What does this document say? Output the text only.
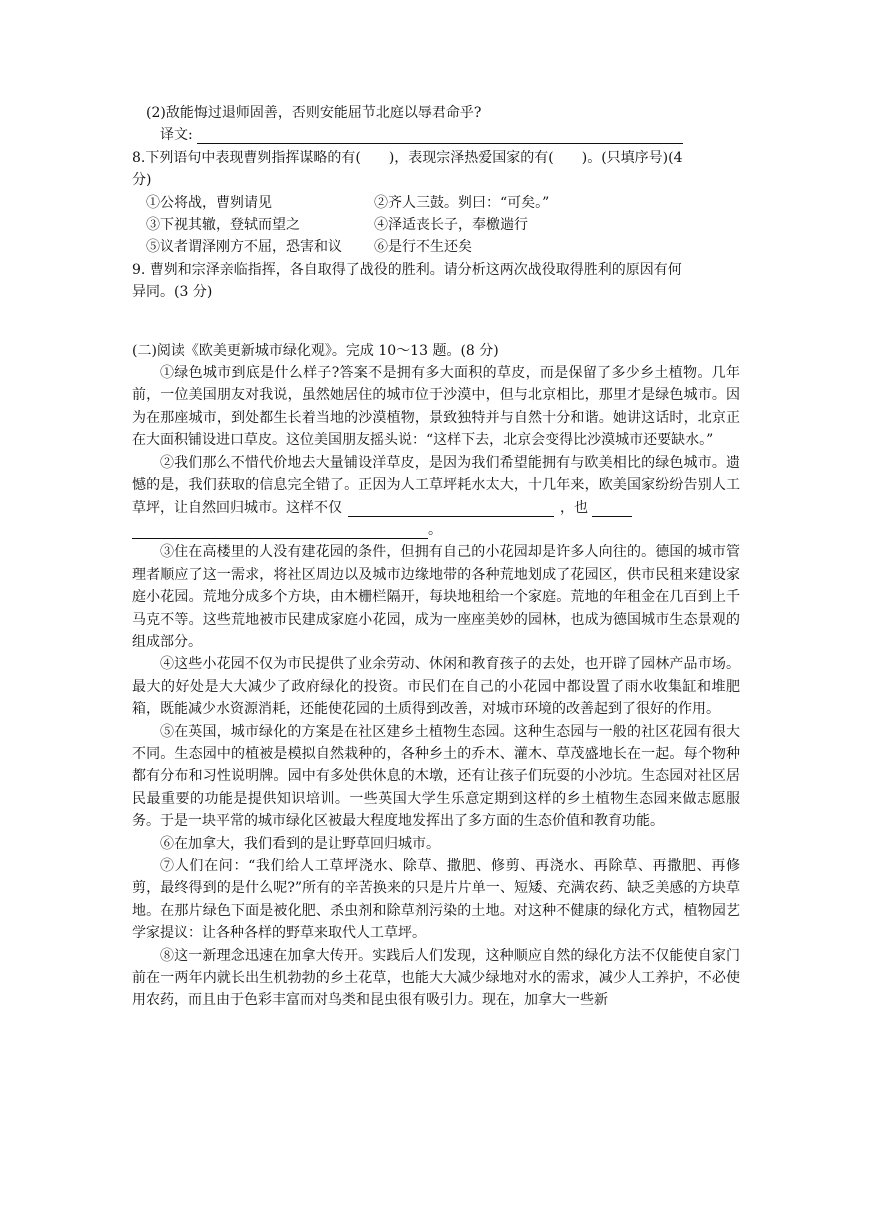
(2)敌能悔过退师固善，否则安能屈节北庭以辱君命乎?

译文:

8.下列语句中表现曹刿指挥谋略的有(　　)，表现宗泽热爱国家的有(　　)。(只填序号)(4

分)

①公将战，曹刿请见	②齐人三鼓。刿曰：“可矣。”
③下视其辙，登轼而望之	④泽适丧长子，奉檄遄行
⑤议者谓泽刚方不屈，恐害和议	⑥是行不生还矣

9. 曹刿和宗泽亲临指挥，各自取得了战役的胜利。请分析这两次战役取得胜利的原因有何

异同。(3 分)

(二)阅读《欧美更新城市绿化观》。完成 10～13 题。(8 分)

①绿色城市到底是什么样子?答案不是拥有多大面积的草皮，而是保留了多少乡土植物。几年前，一位美国朋友对我说，虽然她居住的城市位于沙漠中，但与北京相比，那里才是绿色城市。因为在那座城市，到处都生长着当地的沙漠植物，景致独特并与自然十分和谐。她讲这话时，北京正在大面积铺设进口草皮。这位美国朋友摇头说：“这样下去，北京会变得比沙漠城市还要缺水。”

②我们那么不惜代价地去大量铺设洋草皮，是因为我们希望能拥有与欧美相比的绿色城市。遗憾的是，我们获取的信息完全错了。正因为人工草坪耗水太大，十几年来，欧美国家纷纷告别人工草坪，让自然回归城市。这样不仅	，也

。

③住在高楼里的人没有建花园的条件，但拥有自己的小花园却是许多人向往的。德国的城市管理者顺应了这一需求，将社区周边以及城市边缘地带的各种荒地划成了花园区，供市民租来建设家庭小花园。荒地分成多个方块，由木栅栏隔开，每块地租给一个家庭。荒地的年租金在几百到上千马克不等。这些荒地被市民建成家庭小花园，成为一座座美妙的园林，也成为德国城市生态景观的组成部分。

④这些小花园不仅为市民提供了业余劳动、休闲和教育孩子的去处，也开辟了园林产品市场。最大的好处是大大减少了政府绿化的投资。市民们在自己的小花园中都设置了雨水收集缸和堆肥箱，既能减少水资源消耗，还能使花园的土质得到改善，对城市环境的改善起到了很好的作用。

⑤在英国，城市绿化的方案是在社区建乡土植物生态园。这种生态园与一般的社区花园有很大不同。生态园中的植被是模拟自然栽种的，各种乡土的乔木、灌木、草茂盛地长在一起。每个物种都有分布和习性说明牌。园中有多处供休息的木墩，还有让孩子们玩耍的小沙坑。生态园对社区居民最重要的功能是提供知识培训。一些英国大学生乐意定期到这样的乡土植物生态园来做志愿服务。于是一块平常的城市绿化区被最大程度地发挥出了多方面的生态价值和教育功能。

⑥在加拿大，我们看到的是让野草回归城市。

⑦人们在问：“我们给人工草坪浇水、除草、撒肥、修剪、再浇水、再除草、再撒肥、再修剪，最终得到的是什么呢?”所有的辛苦换来的只是片片单一、短矮、充满农药、缺乏美感的方块草地。在那片绿色下面是被化肥、杀虫剂和除草剂污染的土地。对这种不健康的绿化方式，植物园艺学家提议：让各种各样的野草来取代人工草坪。

⑧这一新理念迅速在加拿大传开。实践后人们发现，这种顺应自然的绿化方法不仅能使自家门前在一两年内就长出生机勃勃的乡土花草，也能大大减少绿地对水的需求，减少人工养护，不必使用农药，而且由于色彩丰富而对鸟类和昆虫很有吸引力。现在，加拿大一些新
